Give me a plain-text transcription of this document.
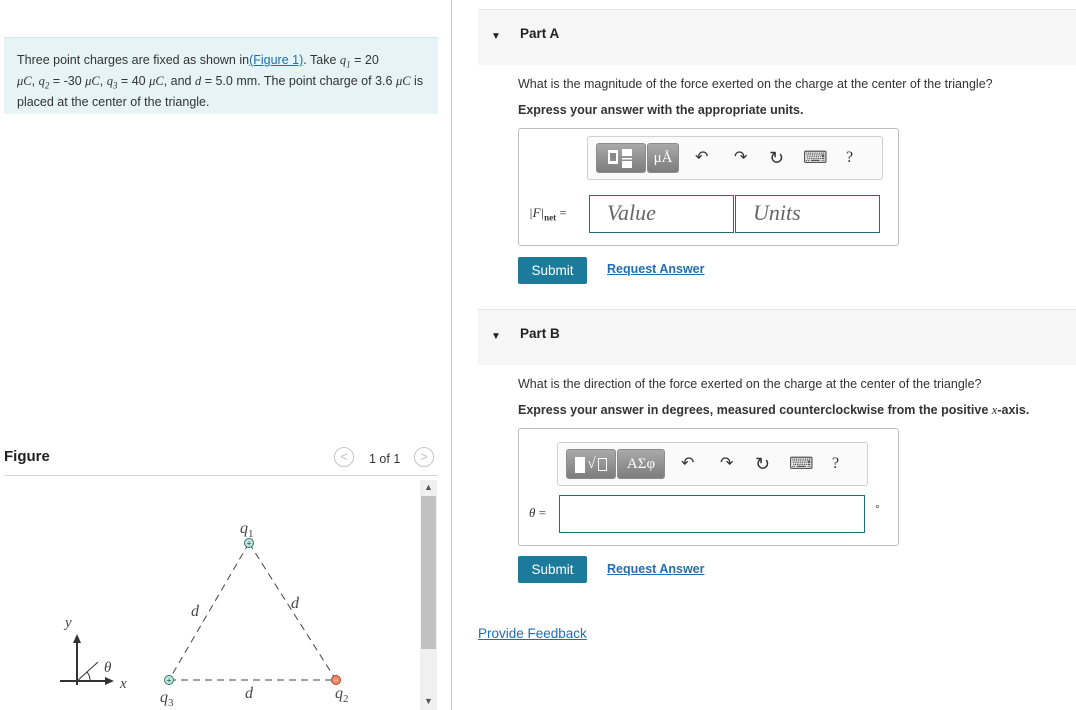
Three point charges are fixed as shown in(Figure 1). Take $q_1 = 20$
μC, $q_2 = -30$ μC, $q_3 = 40$ μC, and d = 5.0 mm. The point charge of 3.6 μC is placed at the center of the triangle.
Figure	<	1 of 1	>
▲
▼
+
+	−
$q_1$
$q_3$
$q_2$
d	d
d
y
x
θ
▼ Part A
What is the magnitude of the force exerted on the charge at the center of the triangle?
Express your answer with the appropriate units.
μÅ	↶ ↷ ↻ ⌨ ?
$|F|_{net}$ =	Value	Units
Submit	Request Answer
▼ Part B
What is the direction of the force exerted on the charge at the center of the triangle?
Express your answer in degrees, measured counterclockwise from the positive x-axis.
√	ΑΣφ	↶ ↷ ↻ ⌨ ?
θ =	°
Submit	Request Answer
Provide Feedback
